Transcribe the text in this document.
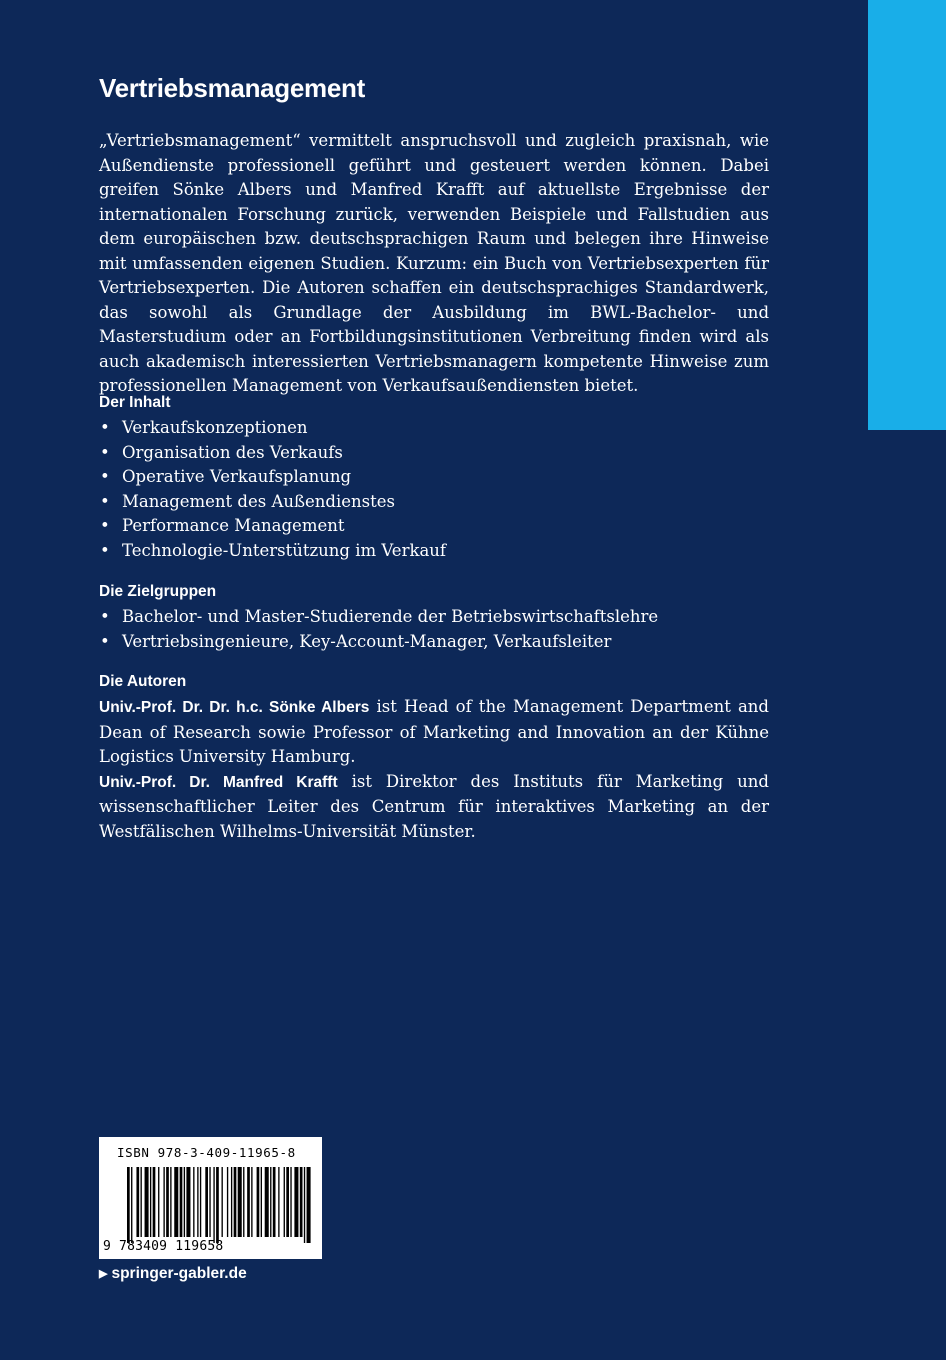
Vertriebsmanagement
„Vertriebsmanagement“ vermittelt anspruchsvoll und zugleich praxisnah, wie Außendienste professionell geführt und gesteuert werden können. Dabei greifen Sönke Albers und Manfred Krafft auf aktuellste Ergebnisse der internationalen Forschung zurück, verwenden Beispiele und Fallstudien aus dem europäischen bzw. deutschsprachigen Raum und belegen ihre Hinweise mit umfassenden eigenen Studien. Kurzum: ein Buch von Vertriebsexperten für Vertriebsexperten. Die Autoren schaffen ein deutschsprachiges Standardwerk, das sowohl als Grundlage der Ausbildung im BWL-Bachelor- und Masterstudium oder an Fortbildungsinstitutionen Verbreitung finden wird als auch akademisch interessierten Vertriebsmanagern kompetente Hinweise zum professionellen Management von Verkaufsaußendiensten bietet.
Der Inhalt
• Verkaufskonzeptionen
• Organisation des Verkaufs
• Operative Verkaufsplanung
• Management des Außendienstes
• Performance Management
• Technologie-Unterstützung im Verkauf
Die Zielgruppen
• Bachelor- und Master-Studierende der Betriebswirtschaftslehre
• Vertriebsingenieure, Key-Account-Manager, Verkaufsleiter
Die Autoren

Univ.-Prof. Dr. Dr. h.c. Sönke Albers ist Head of the Management Department and Dean of Research sowie Professor of Marketing and Innovation an der Kühne Logistics University Hamburg.

Univ.-Prof. Dr. Manfred Krafft ist Direktor des Instituts für Marketing und wissenschaftlicher Leiter des Centrum für interaktives Marketing an der Westfälischen Wilhelms-Universität Münster.

ISBN 978-3-409-11965-8
9 783409 119658
▶ springer-gabler.de
